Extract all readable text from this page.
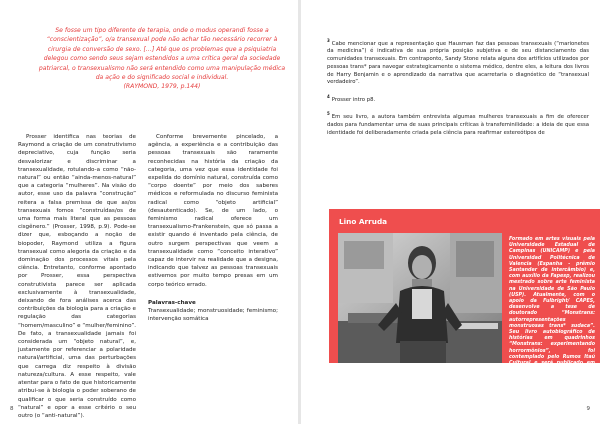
Se fosse um tipo diferente de terapia, onde o modus operandi fosse a “conscientização”, o/a transexual pode não achar tão necessário recorrer à cirurgia de conversão de sexo. […] Até que os problemas que a psiquiatria delegou como sendo seus sejam estendidos a uma crítica geral da sociedade patriarcal, o transexualismo não será entendido como uma manipulação médica da ação e do significado social e individual.

(RAYMOND, 1979, p.144)

Prosser identifica nas teorias de Raymond a criação de um construtivismo depreciativo, cuja função seria desvalorizar e discriminar a transexualidade, rotulando-a como “não-natural” ou então “ainda-menos-natural” que a categoria “mulheres”. Na visão do autor, esse uso da palavra “construção” reitera a falsa premissa de que as/os transexuais fomos “construídas/os de uma forma mais literal que as pessoas cisgênero.” (Prosser, 1998, p.9). Pode-se dizer que, esboçando a noção de biopoder, Raymond utiliza a figura transexual como alegoria da criação e da dominação dos processos vitais pela ciência. Entretanto, conforme apontado por Prosser, essa perspectiva construtivista parece ser aplicada exclusivamente à transexualidade, deixando de fora análises acerca das contribuições da biologia para a criação e regulação das categorias “homem/masculino” e “mulher/feminino”. De fato, a transexualidade jamais foi considerada um “objeto natural”, e, justamente por referenciar a polaridade natural/artificial, uma das perturbações que carrega diz respeito à divisão natureza/cultura. A esse respeito, vale atentar para o fato de que historicamente atribui-se à biologia o poder soberano de qualificar o que seria construído como “natural” e opor a esse critério o seu outro (o “anti-natural”).

Conforme brevemente pincelado, a agência, a experiência e a contribuição das pessoas transexuais são raramente reconhecidas na história da criação da categoria, uma vez que essa identidade foi expelida do domínio natural, construída como “corpo doente” por meio dos saberes médicos e reformulada no discurso feminista radical como “objeto artificial” (desautenticado). Se, de um lado, o feminismo radical oferece um transexualismo-Frankenstein, que só passa a existir quando é inventado pela ciência, de outro surgem perspectivas que veem a transexualidade como “conceito interativo” capaz de intervir na realidade que a designa, indicando que talvez as pessoas transexuais estivemos por muito tempo presas em um corpo teórico errado.

Palavras-chave

Transexualidade; monstruosidade; feminismo; intervenção somática

8

$^3$Cabe mencionar que a representação que Hausman faz das pessoas transexuais (“marionetes da medicina”) é indicativa de sua própria posição subjetiva e de seu distanciamento das comunidades transexuais. Em contraponto, Sandy Stone relata alguns dos artifícios utilizados por pessoas trans* para navegar estrategicamente o sistema médico, dentre eles, a leitura dos livros de Harry Benjamin e o aprendizado da narrativa que acarretaria o diagnóstico de “transexual verdadeiro”.

$^4$Prosser intro p8.

$^5$Em seu livro, a autora também entrevista algumas mulheres transexuais a fim de oferecer dados para fundamentar uma de suas principais críticas à transfeminilidade: a ideia de que essa identidade foi deliberadamente criada pela ciência para reafirmar estereótipos de

Lino Arruda
Formado em artes visuais pela Universidade Estadual de Campinas (UNICAMP) e pela Universidad Politécnica de Valencia (Espanha - prêmio Santander de intercâmbio) e, com auxílio da Fapesp, realizou mestrado sobre arte feminista na Universidade de São Paulo (USP). Atualmente, com o apoio da Fulbright/ CAPES, desenvolve a tese de doutorado “Monstrans: autorrepresentações monstruosas trans* sudaca”. Seu livro autobiográfico de histórias em quadrinhos “Monstrans: experimentando horrormônios”, foi contemplado pelo Rumos Itaú Cultural e será publicado em breve.
9
